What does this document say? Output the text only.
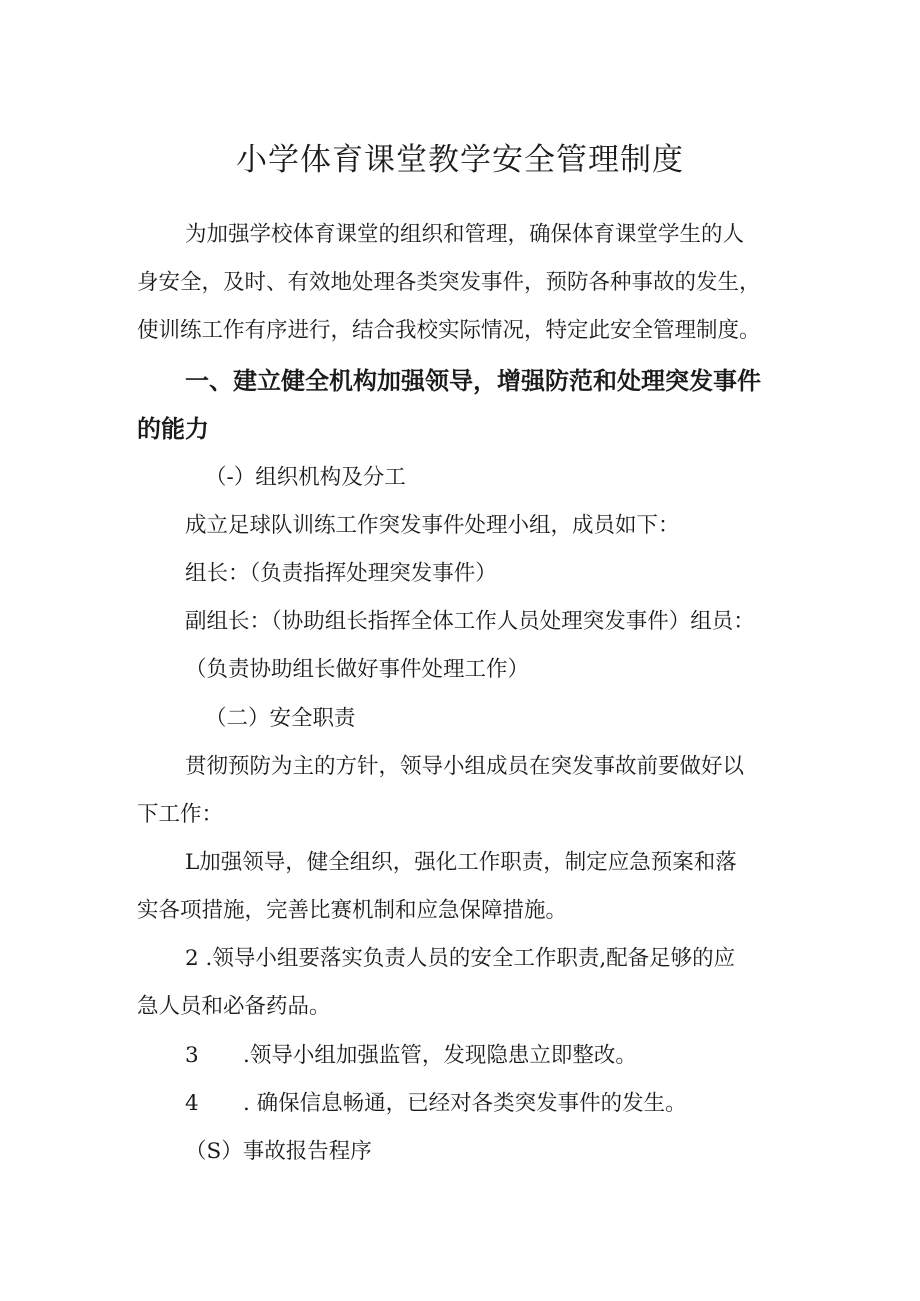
小学体育课堂教学安全管理制度
为加强学校体育课堂的组织和管理，确保体育课堂学生的人
身安全，及时、有效地处理各类突发事件，预防各种事故的发生，
使训练工作有序进行，结合我校实际情况，特定此安全管理制度。
一、建立健全机构加强领导，增强防范和处理突发事件
的能力
（-）组织机构及分工
成立足球队训练工作突发事件处理小组，成员如下：
组长：（负责指挥处理突发事件）
副组长：（协助组长指挥全体工作人员处理突发事件）组员：
（负责协助组长做好事件处理工作）
（二）安全职责
贯彻预防为主的方针，领导小组成员在突发事故前要做好以
下工作：
L加强领导，健全组织，强化工作职责，制定应急预案和落
实各项措施，完善比赛机制和应急保障措施。
2 .领导小组要落实负责人员的安全工作职责,配备足够的应
急人员和必备药品。
3 .领导小组加强监管，发现隐患立即整改。
4 . 确保信息畅通，已经对各类突发事件的发生。
（S）事故报告程序
